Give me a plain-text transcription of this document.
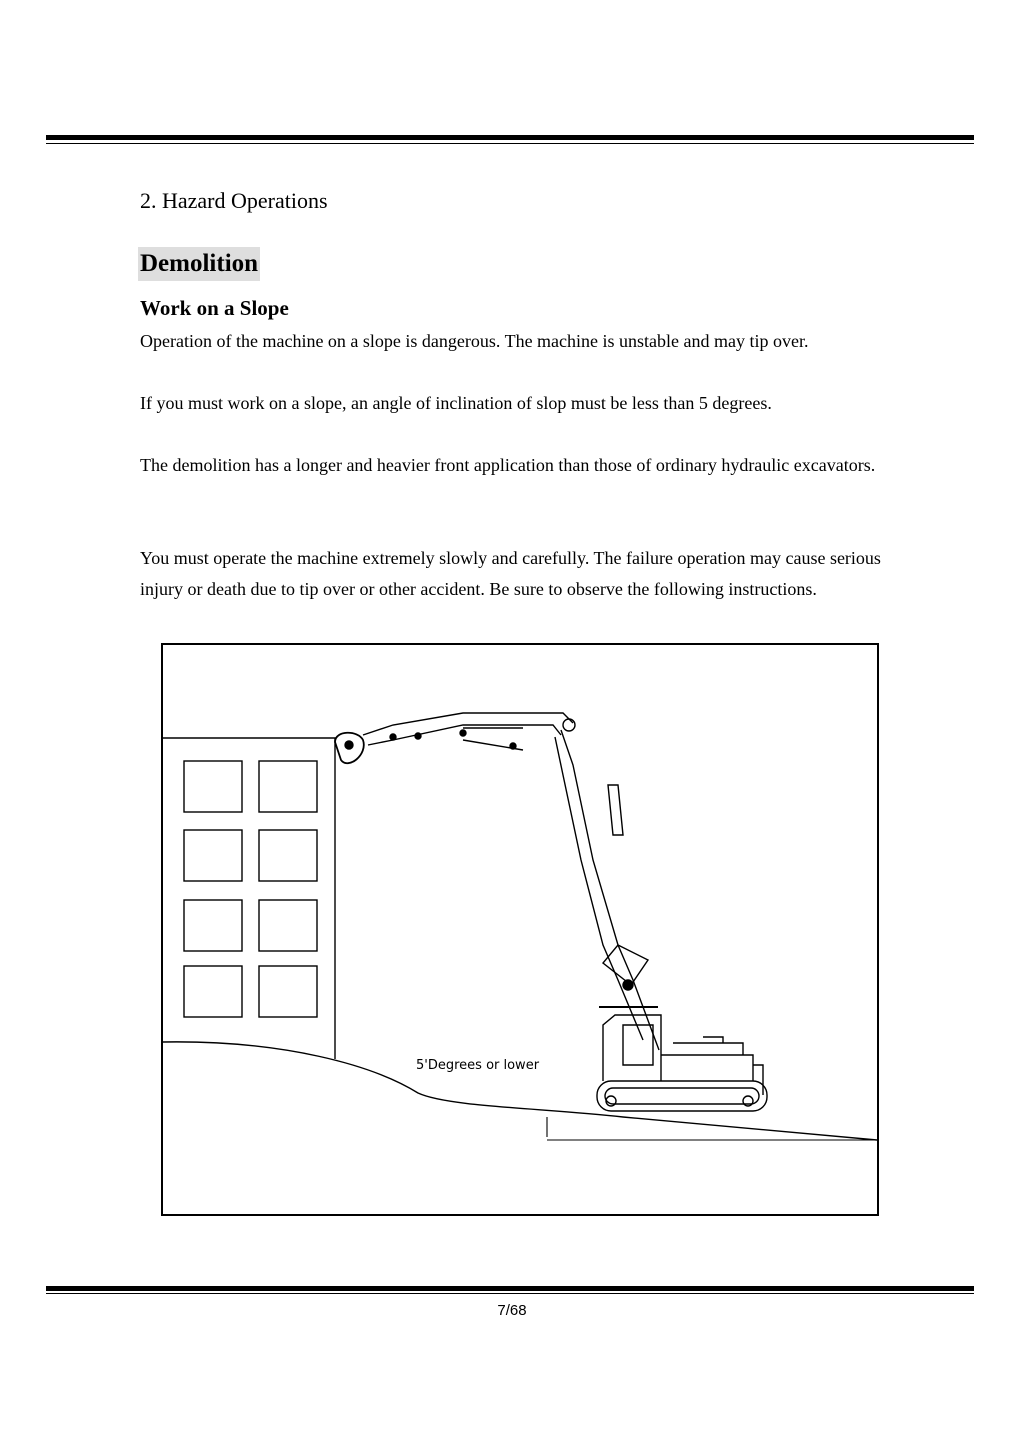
2. Hazard Operations
Demolition
Work on a Slope

Operation of the machine on a slope is dangerous. The machine is unstable and may tip over.

If you must work on a slope, an angle of inclination of slop must be less than 5 degrees.

The demolition has a longer and heavier front application than those of ordinary hydraulic excavators.

You must operate the machine extremely slowly and carefully. The failure operation may cause serious injury or death due to tip over or other accident. Be sure to observe the following instructions.

5'Degrees or lower
7/68
